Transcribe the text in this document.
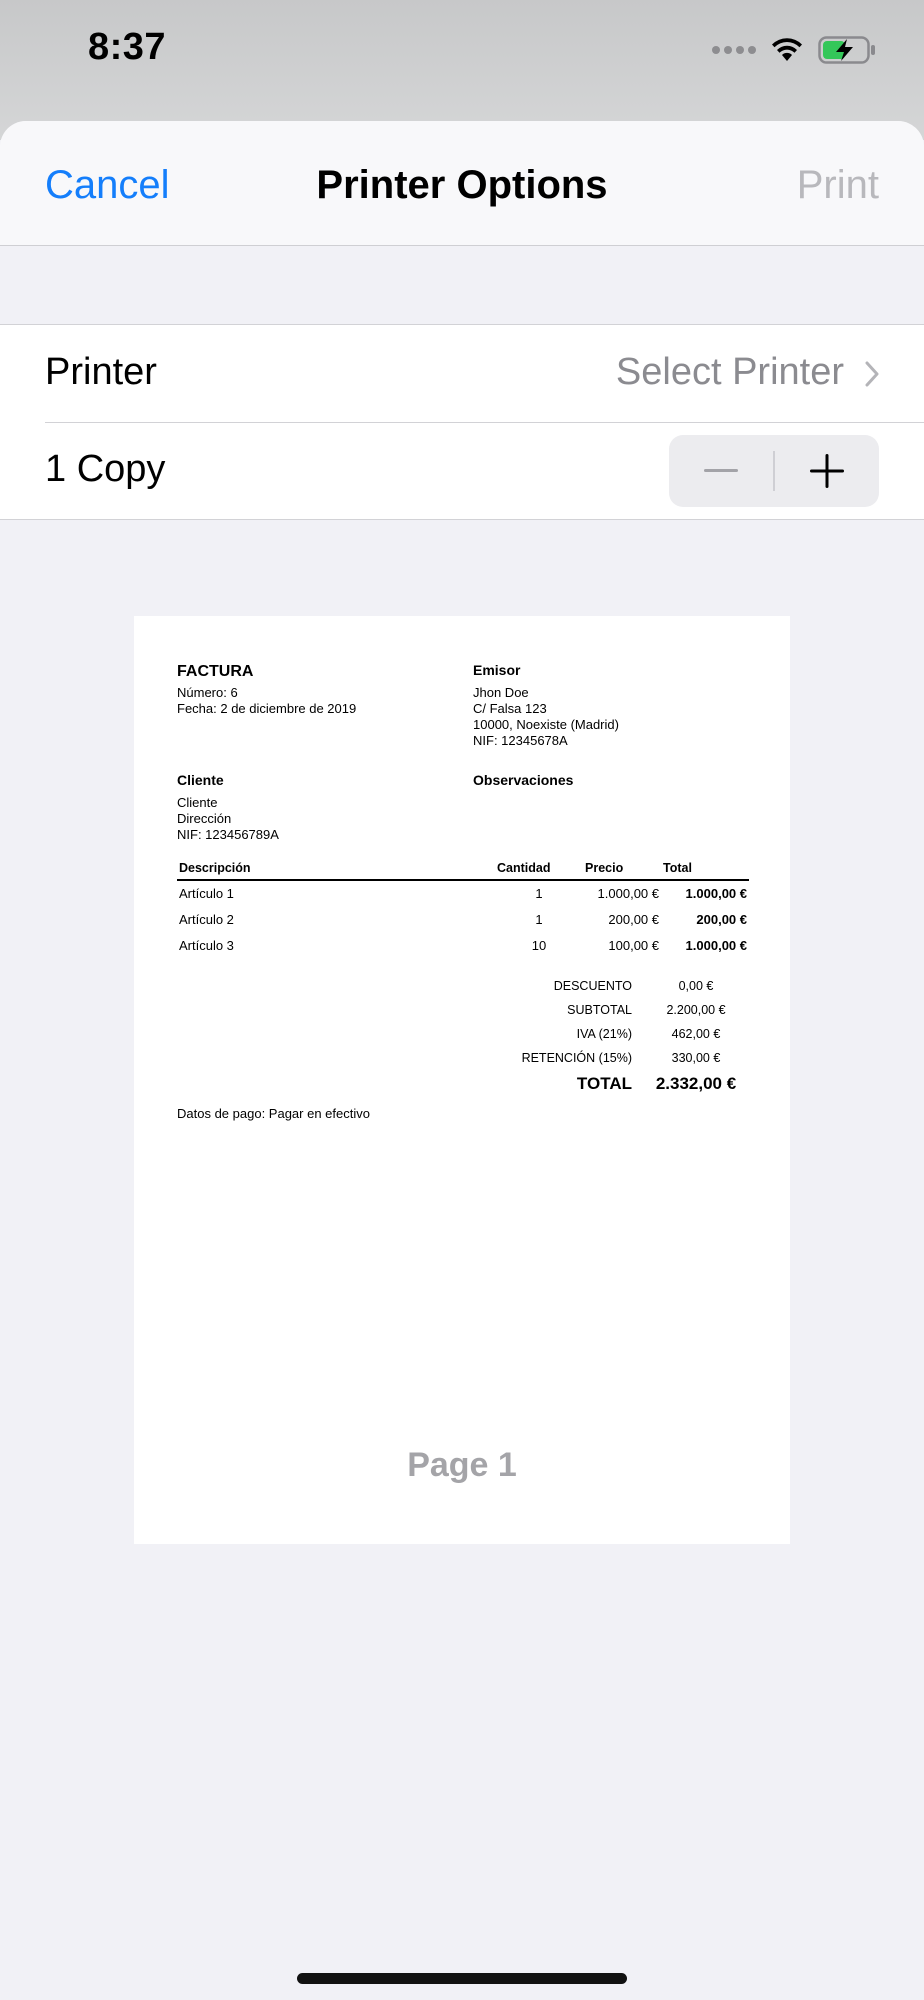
8:37
Cancel	Printer Options	Print
Printer	Select Printer
1 Copy
FACTURA
Número: 6
Fecha: 2 de diciembre de 2019
Emisor
Jhon Doe
C/ Falsa 123
10000, Noexiste (Madrid)
NIF: 12345678A
Cliente
Cliente
Dirección
NIF: 123456789A
Observaciones
Descripción	Cantidad	Precio	Total
Artículo 1	1	1.000,00 €	1.000,00 €
Artículo 2	1	200,00 €	200,00 €
Artículo 3	10	100,00 €	1.000,00 €
DESCUENTO	0,00 €
SUBTOTAL	2.200,00 €
IVA (21%)	462,00 €
RETENCIÓN (15%)	330,00 €
TOTAL	2.332,00 €
Datos de pago: Pagar en efectivo
Page 1
